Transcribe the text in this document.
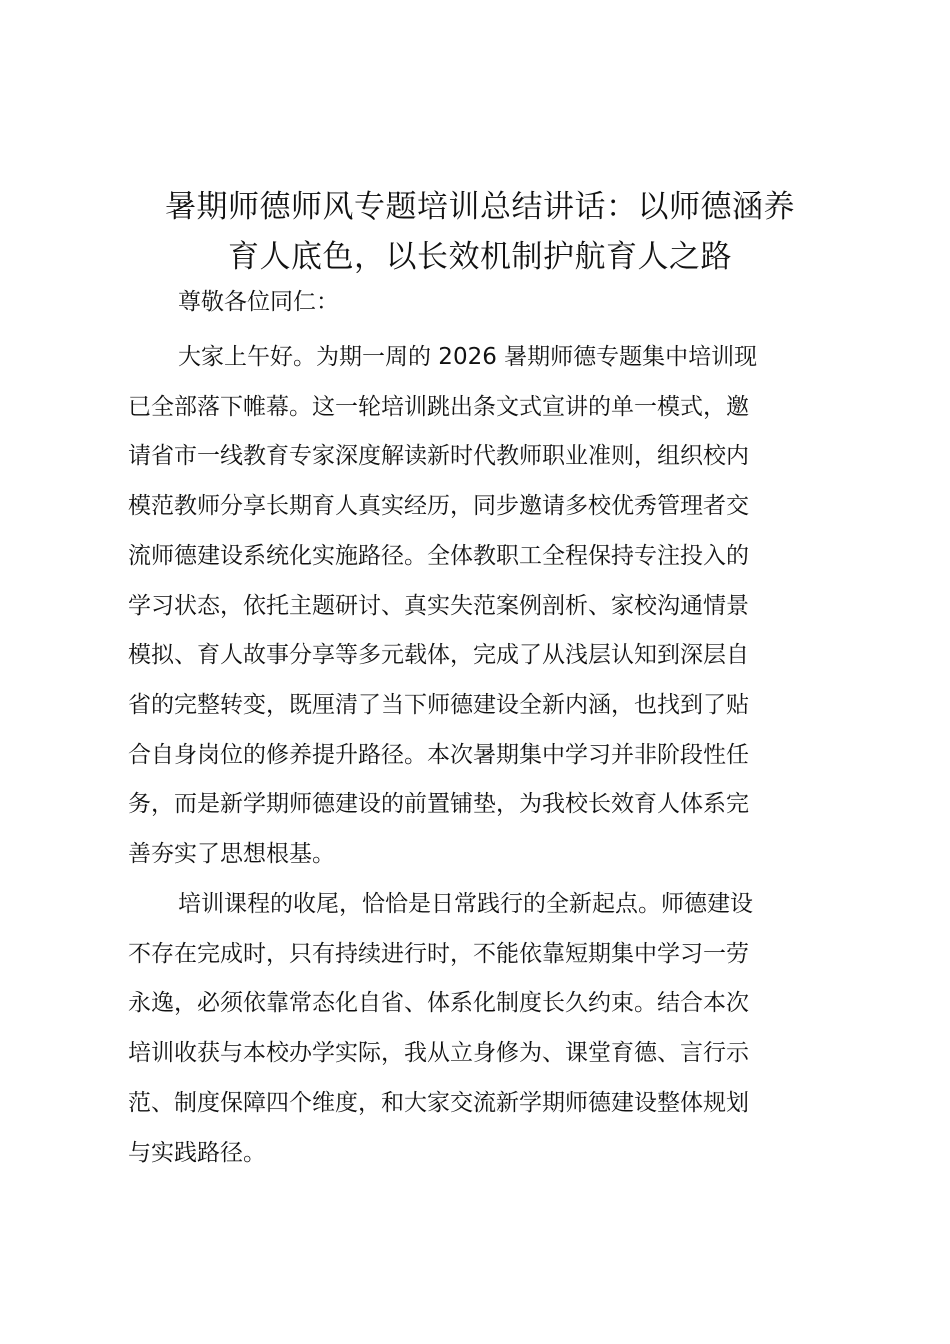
暑期师德师风专题培训总结讲话：以师德涵养
育人底色，以长效机制护航育人之路

尊敬各位同仁：

大家上午好。为期一周的 2026 暑期师德专题集中培训现
已全部落下帷幕。这一轮培训跳出条文式宣讲的单一模式，邀
请省市一线教育专家深度解读新时代教师职业准则，组织校内
模范教师分享长期育人真实经历，同步邀请多校优秀管理者交
流师德建设系统化实施路径。全体教职工全程保持专注投入的
学习状态，依托主题研讨、真实失范案例剖析、家校沟通情景
模拟、育人故事分享等多元载体，完成了从浅层认知到深层自
省的完整转变，既厘清了当下师德建设全新内涵，也找到了贴
合自身岗位的修养提升路径。本次暑期集中学习并非阶段性任
务，而是新学期师德建设的前置铺垫，为我校长效育人体系完
善夯实了思想根基。

培训课程的收尾，恰恰是日常践行的全新起点。师德建设
不存在完成时，只有持续进行时，不能依靠短期集中学习一劳
永逸，必须依靠常态化自省、体系化制度长久约束。结合本次
培训收获与本校办学实际，我从立身修为、课堂育德、言行示
范、制度保障四个维度，和大家交流新学期师德建设整体规划
与实践路径。
